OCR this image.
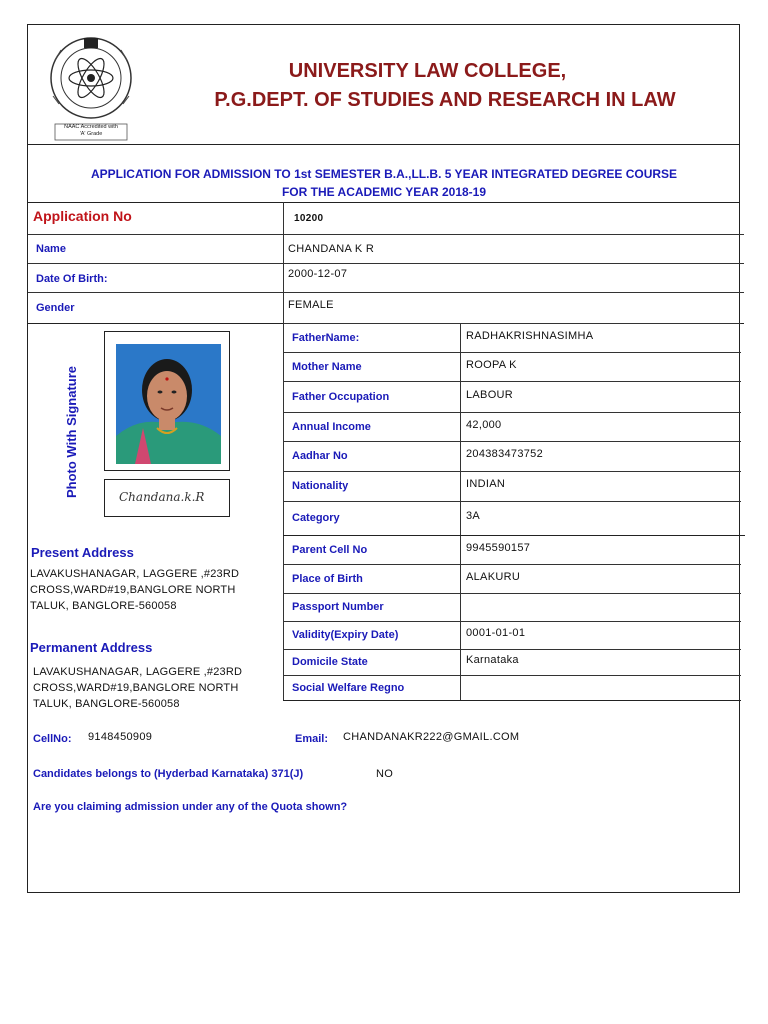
NAAC Accredited with
'A' Grade
UNIVERSITY LAW COLLEGE,
P.G.DEPT. OF STUDIES AND RESEARCH IN LAW
APPLICATION FOR ADMISSION TO 1st SEMESTER B.A.,LL.B. 5 YEAR INTEGRATED DEGREE COURSE
FOR THE ACADEMIC YEAR 2018-19
Application No	10200
Name	CHANDANA K R
Date Of Birth:	2000-12-07
Gender	FEMALE
Photo With Signature	Chandana.k.R
FatherName:	RADHAKRISHNASIMHA
Mother Name	ROOPA K
Father Occupation	LABOUR
Annual Income	42,000
Aadhar No	204383473752
Nationality	INDIAN
Category	3A
Parent Cell No	9945590157
Place of Birth	ALAKURU
Passport Number
Validity(Expiry Date)	0001-01-01
Domicile State	Karnataka
Social Welfare Regno
Present Address
LAVAKUSHANAGAR, LAGGERE ,#23RD
CROSS,WARD#19,BANGLORE NORTH
TALUK, BANGLORE-560058
Permanent Address
LAVAKUSHANAGAR, LAGGERE ,#23RD
CROSS,WARD#19,BANGLORE NORTH
TALUK, BANGLORE-560058
CellNo: 9148450909	Email: CHANDANAKR222@GMAIL.COM
Candidates belongs to (Hyderbad Karnataka) 371(J)	NO
Are you claiming admission under any of the Quota shown?
